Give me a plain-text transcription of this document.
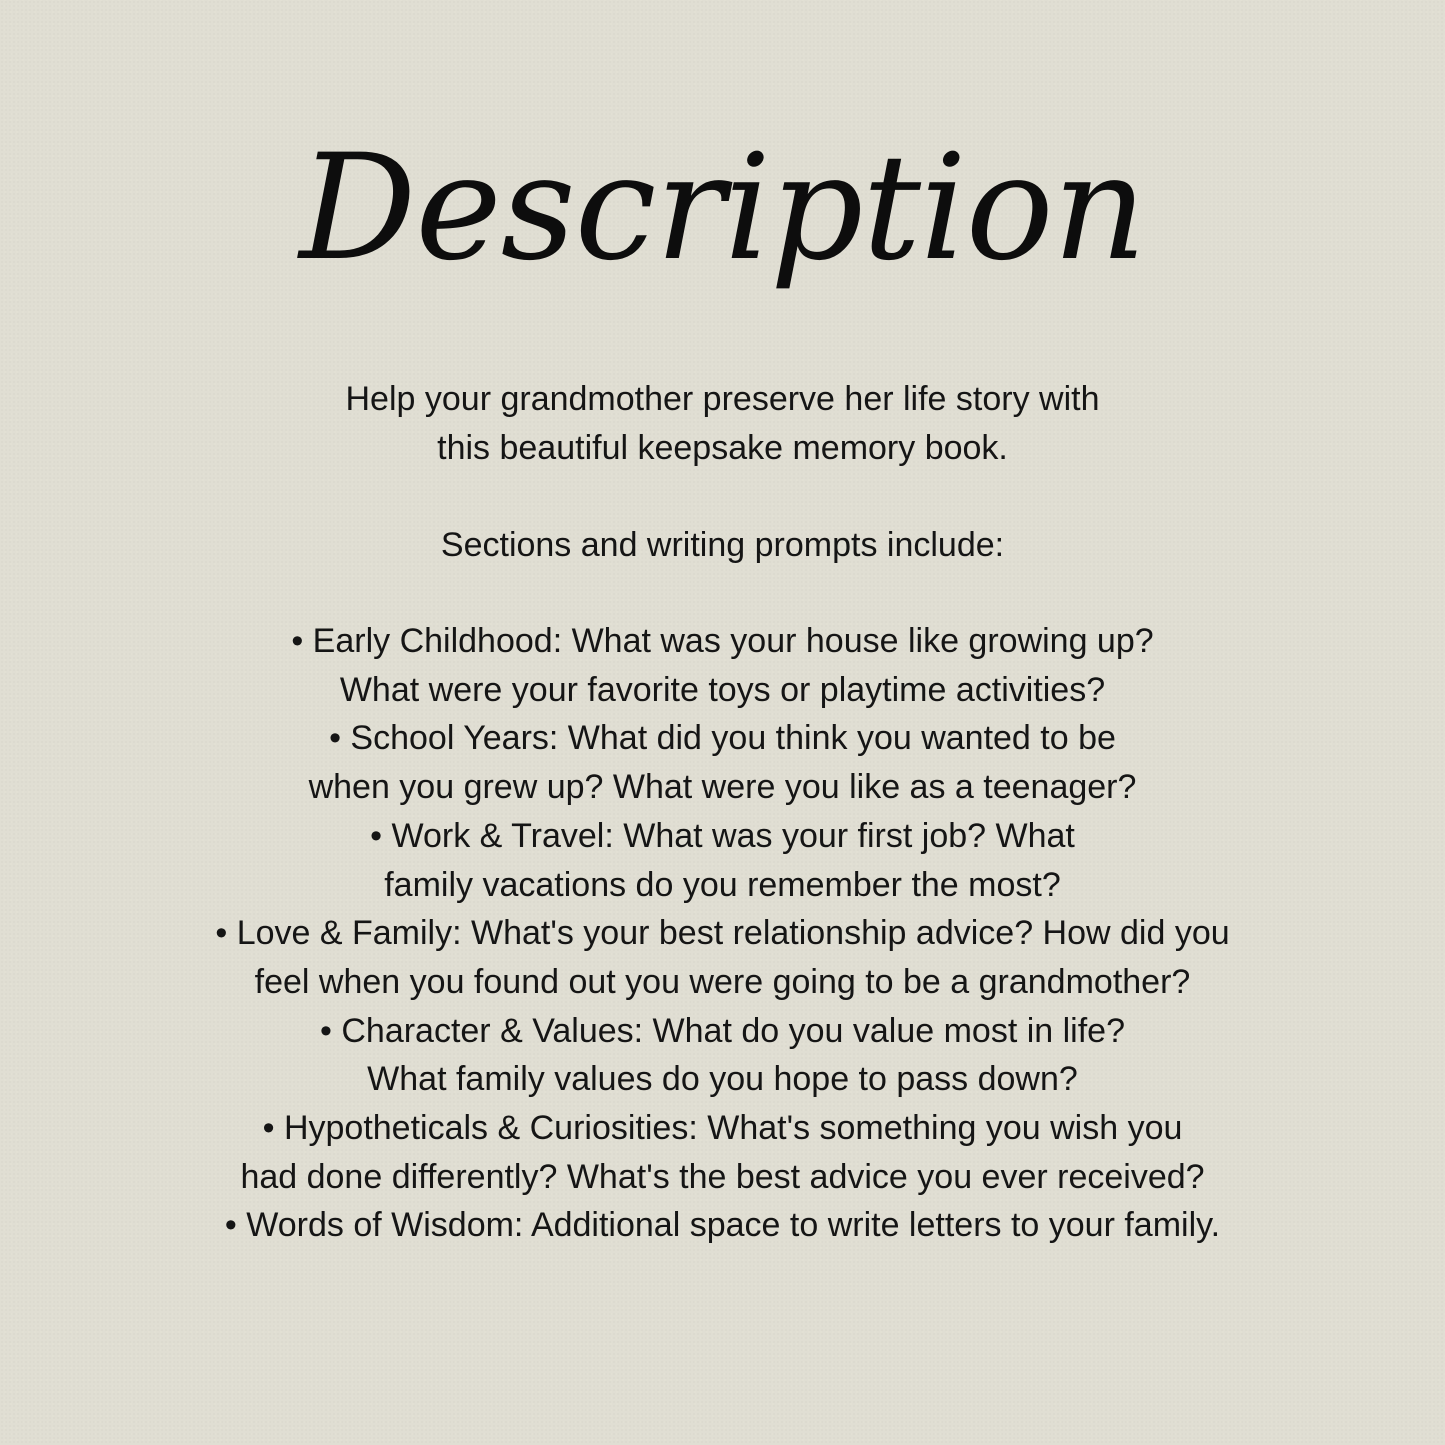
Description
Help your grandmother preserve her life story with
this beautiful keepsake memory book.

Sections and writing prompts include:

• Early Childhood: What was your house like growing up?
What were your favorite toys or playtime activities?
• School Years: What did you think you wanted to be
when you grew up? What were you like as a teenager?
• Work & Travel: What was your first job? What
family vacations do you remember the most?
• Love & Family: What's your best relationship advice? How did you
feel when you found out you were going to be a grandmother?
• Character & Values: What do you value most in life?
What family values do you hope to pass down?
• Hypotheticals & Curiosities: What's something you wish you
had done differently? What's the best advice you ever received?
• Words of Wisdom: Additional space to write letters to your family.
